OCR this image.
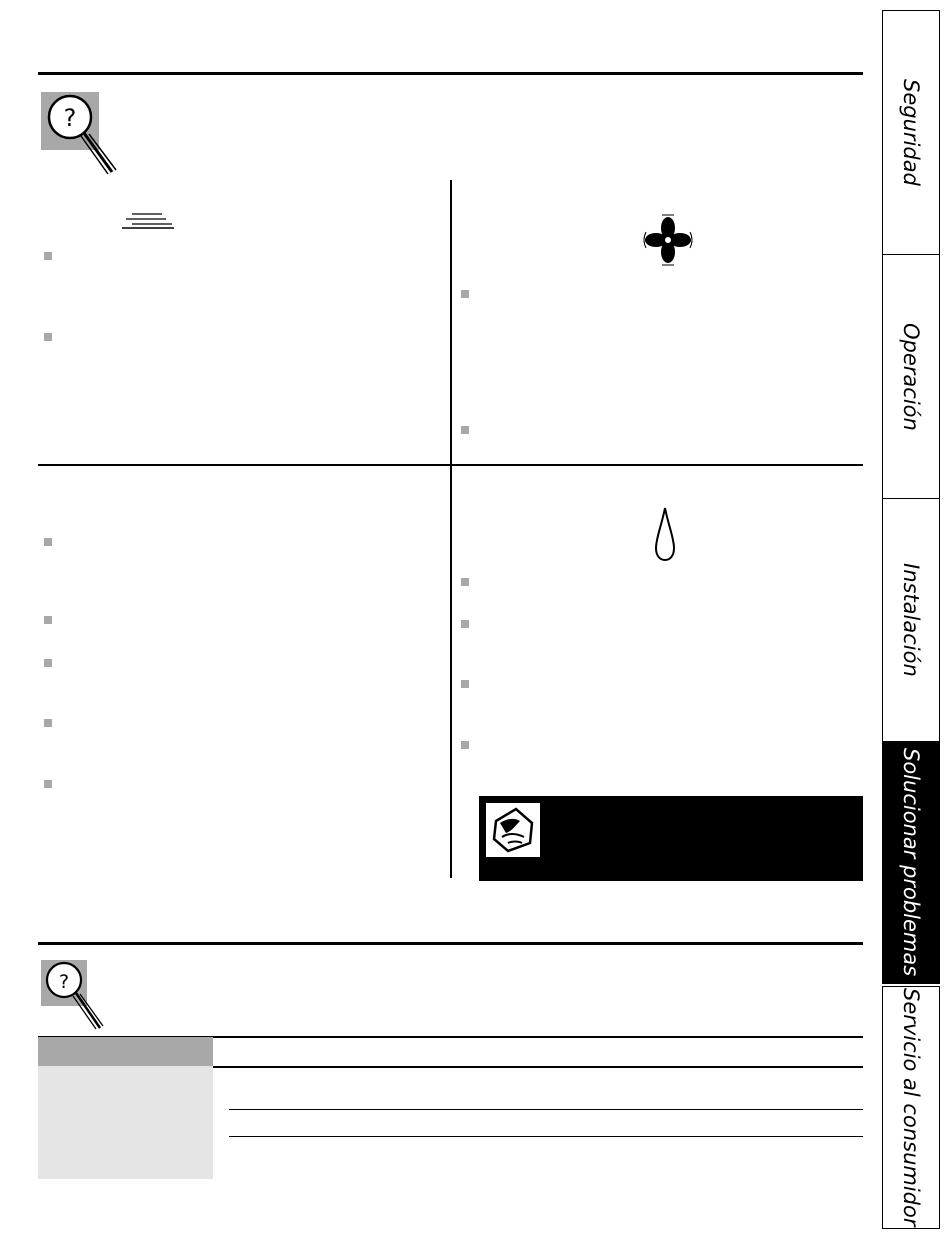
?
?
Seguridad
Operación
Instalación
Solucionar problemas
Servicio al consumidor
